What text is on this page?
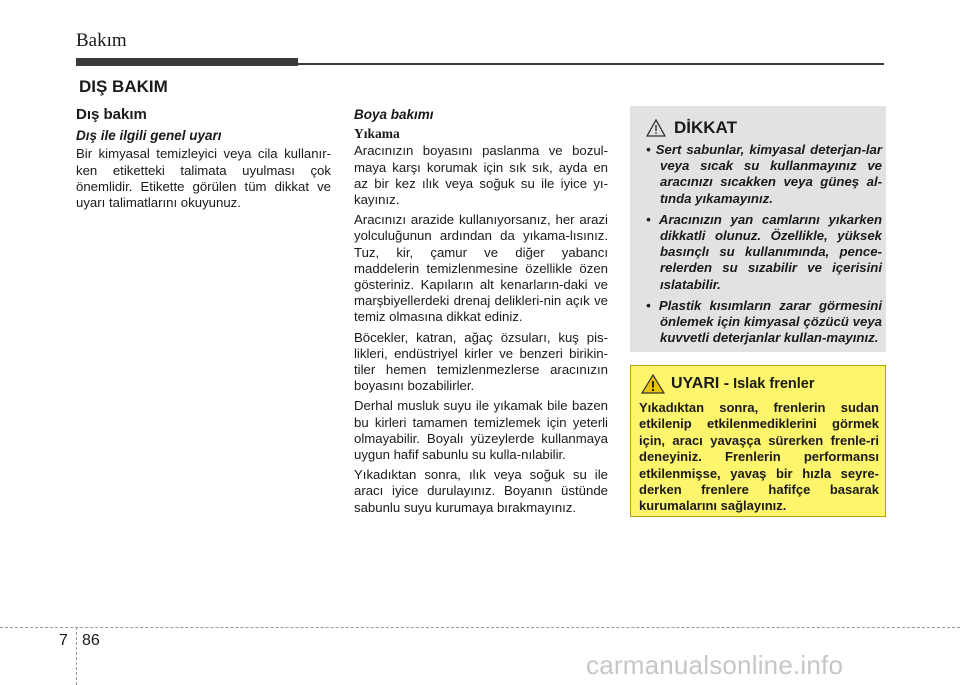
Bakım
DIŞ BAKIM
Dış bakım
Dış ile ilgili genel uyarı

Bir kimyasal temizleyici veya cila kullanır-ken etiketteki talimata uyulması çok önemlidir. Etikette görülen tüm dikkat ve uyarı talimatlarını okuyunuz.

Boya bakımı
Yıkama

Aracınızın boyasını paslanma ve bozul-maya karşı korumak için sık sık, ayda en az bir kez ılık veya soğuk su ile iyice yı-kayınız.

Aracınızı arazide kullanıyorsanız, her arazi yolculuğunun ardından da yıkama-lısınız. Tuz, kir, çamur ve diğer yabancı maddelerin temizlenmesine özellikle özen gösteriniz. Kapıların alt kenarların-daki ve marşbiyellerdeki drenaj delikleri-nin açık ve temiz olmasına dikkat ediniz.

Böcekler, katran, ağaç özsuları, kuş pis-likleri, endüstriyel kirler ve benzeri birikin-tiler hemen temizlenmezlerse aracınızın boyasını bozabilirler.

Derhal musluk suyu ile yıkamak bile bazen bu kirleri tamamen temizlemek için yeterli olmayabilir. Boyalı yüzeylerde kullanmaya uygun hafif sabunlu su kulla-nılabilir.

Yıkadıktan sonra, ılık veya soğuk su ile aracı iyice durulayınız. Boyanın üstünde sabunlu suyu kurumaya bırakmayınız.

DİKKAT
• Sert sabunlar, kimyasal deterjan-lar veya sıcak su kullanmayınız ve aracınızı sıcakken veya güneş al-tında yıkamayınız.
• Aracınızın yan camlarını yıkarken dikkatli olunuz. Özellikle, yüksek basınçlı su kullanımında, pence-relerden su sızabilir ve içerisini ıslatabilir.
• Plastik kısımların zarar görmesini önlemek için kimyasal çözücü veya kuvvetli deterjanlar kullan-mayınız.
UYARI - Islak frenler

Yıkadıktan sonra, frenlerin sudan etkilenip etkilenmediklerini görmek için, aracı yavaşça sürerken frenle-ri deneyiniz. Frenlerin performansı etkilenmişse, yavaş bir hızla seyre-derken frenlere hafifçe basarak kurumalarını sağlayınız.

7 86
carmanualsonline.info
